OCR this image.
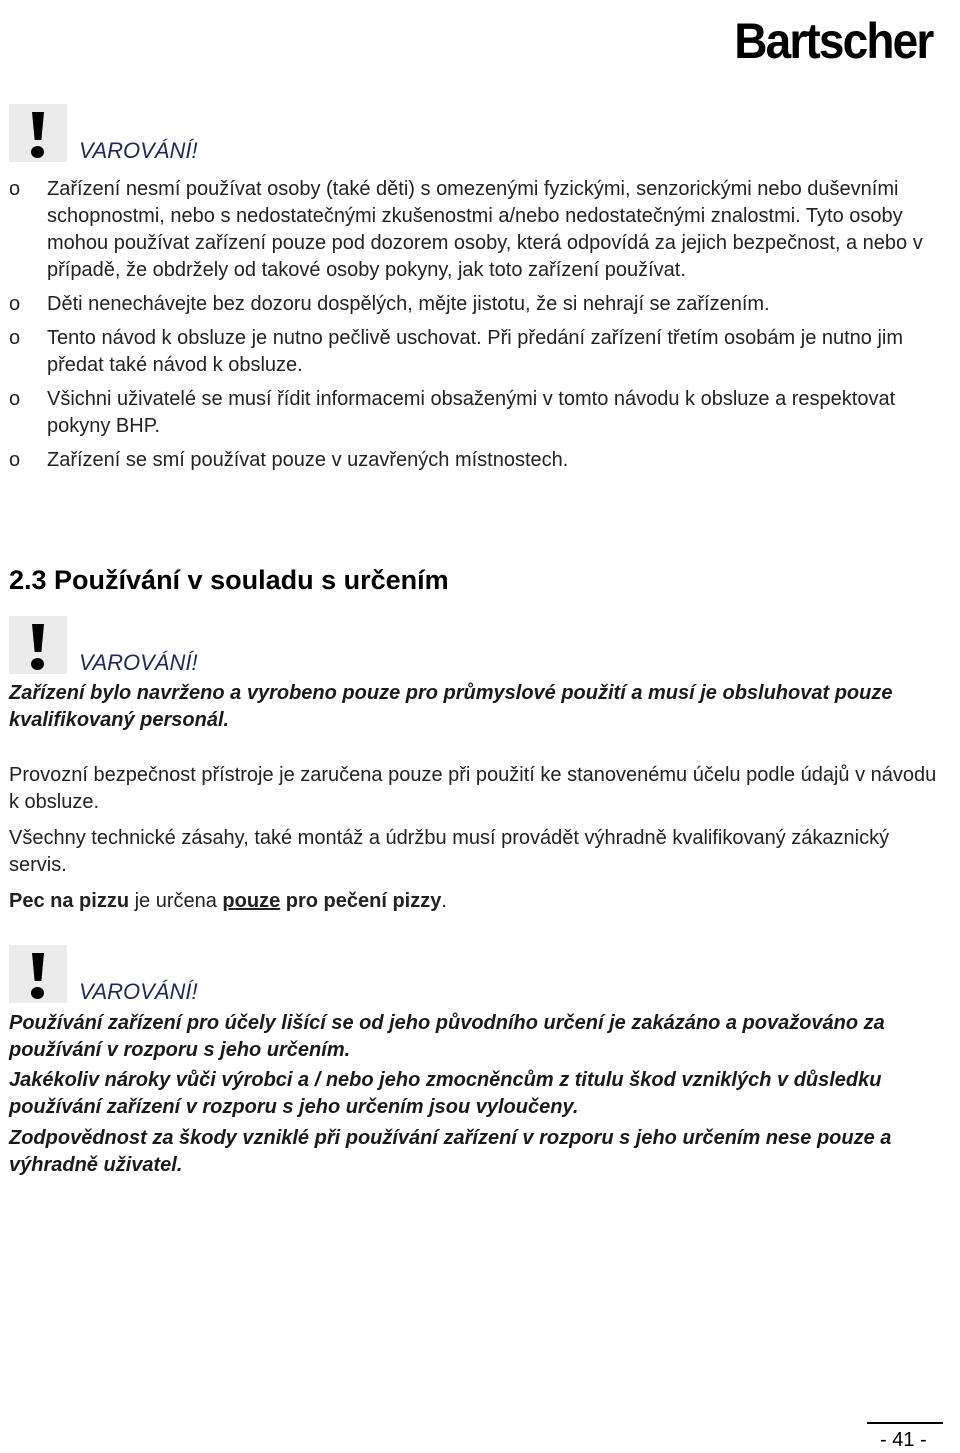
Bartscher
VAROVÁNÍ!
o	Zařízení nesmí používat osoby (také děti) s omezenými fyzickými, senzorickými nebo duševními schopnostmi, nebo s nedostatečnými zkušenostmi a/nebo nedostatečnými znalostmi. Tyto osoby mohou používat zařízení pouze pod dozorem osoby, která odpovídá za jejich bezpečnost, a nebo v případě, že obdržely od takové osoby pokyny, jak toto zařízení používat.
o	Děti nenechávejte bez dozoru dospělých, mějte jistotu, že si nehrají se zařízením.
o	Tento návod k obsluze je nutno pečlivě uschovat. Při předání zařízení třetím osobám je nutno jim předat také návod k obsluze.
o	Všichni uživatelé se musí řídit informacemi obsaženými v tomto návodu k obsluze a respektovat pokyny BHP.
o	Zařízení se smí používat pouze v uzavřených místnostech.
2.3 Používání v souladu s určením
VAROVÁNÍ!
Zařízení bylo navrženo a vyrobeno pouze pro průmyslové použití a musí je obsluhovat pouze kvalifikovaný personál.
Provozní bezpečnost přístroje je zaručena pouze při použití ke stanovenému účelu podle údajů v návodu k obsluze.
Všechny technické zásahy, také montáž a údržbu musí provádět výhradně kvalifikovaný zákaznický servis.
Pec na pizzu je určena pouze pro pečení pizzy.
VAROVÁNÍ!
Používání zařízení pro účely lišící se od jeho původního určení je zakázáno a považováno za používání v rozporu s jeho určením.
Jakékoliv nároky vůči výrobci a / nebo jeho zmocněncům z titulu škod vzniklých v důsledku používání zařízení v rozporu s jeho určením jsou vyloučeny.
Zodpovědnost za škody vzniklé při používání zařízení v rozporu s jeho určením nese pouze a výhradně uživatel.
- 41 -
